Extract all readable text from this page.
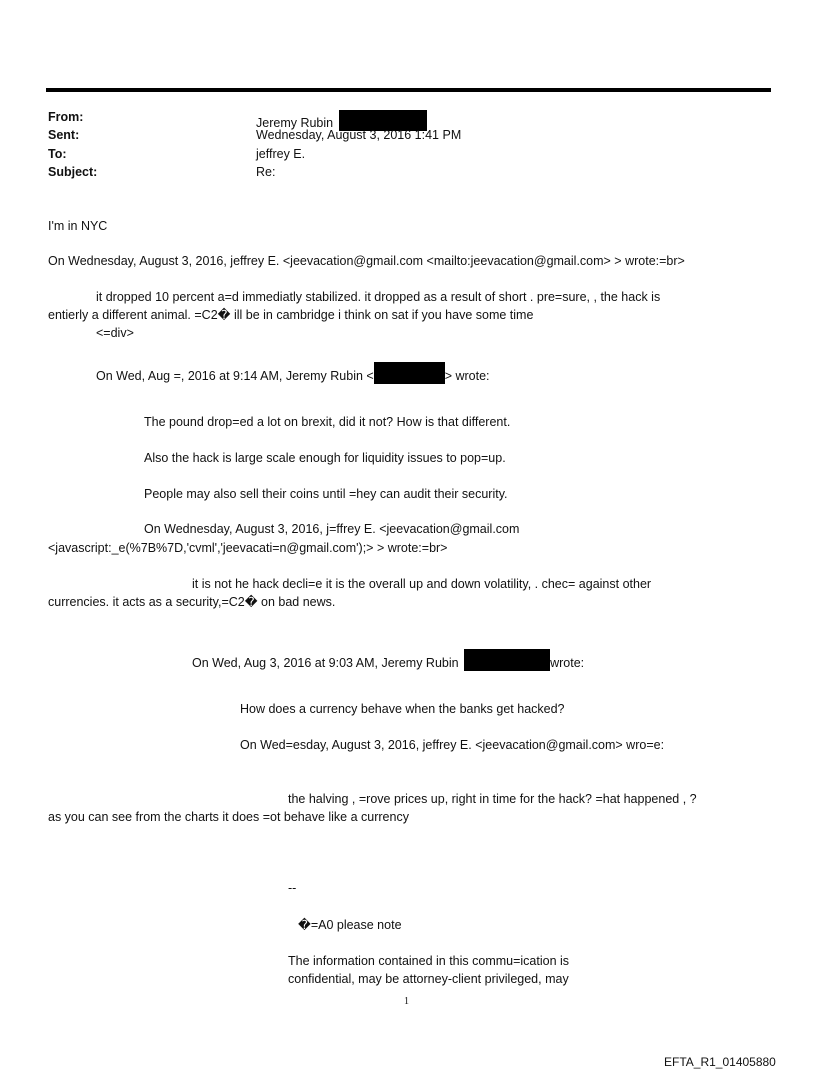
From:	Jeremy Rubin
Sent:	Wednesday, August 3, 2016 1:41 PM
To:	jeffrey E.
Subject:	Re:
I'm in NYC
On Wednesday, August 3, 2016, jeffrey E. <jeevacation@gmail.com <mailto:jeevacation@gmail.com> > wrote:=br>
it dropped 10 percent a=d immediatly stabilized. it dropped as a result of short . pre=sure, , the hack is
entierly a different animal. =C2� ill be in cambridge i think on sat if you have some time
<=div>
On Wed, Aug =, 2016 at 9:14 AM, Jeremy Rubin <	> wrote:
The pound drop=ed a lot on brexit, did it not? How is that different.
Also the hack is large scale enough for liquidity issues to pop=up.
People may also sell their coins until =hey can audit their security.
On Wednesday, August 3, 2016, j=ffrey E. <jeevacation@gmail.com
<javascript:_e(%7B%7D,'cvml','jeevacati=n@gmail.com');> > wrote:=br>
it is not he hack decli=e it is the overall up and down volatility, . chec= against other
currencies. it acts as a security,=C2� on bad news.
On Wed, Aug 3, 2016 at 9:03 AM, Jeremy Rubin	wrote:
How does a currency behave when the banks get hacked?
On Wed=esday, August 3, 2016, jeffrey E. <jeevacation@gmail.com> wro=e:
the halving , =rove prices up, right in time for the hack? =hat happened , ?
as you can see from the charts it does =ot behave like a currency
--
�=A0 please note
The information contained in this commu=ication is
confidential, may be attorney-client privileged, may
1
EFTA_R1_01405880
